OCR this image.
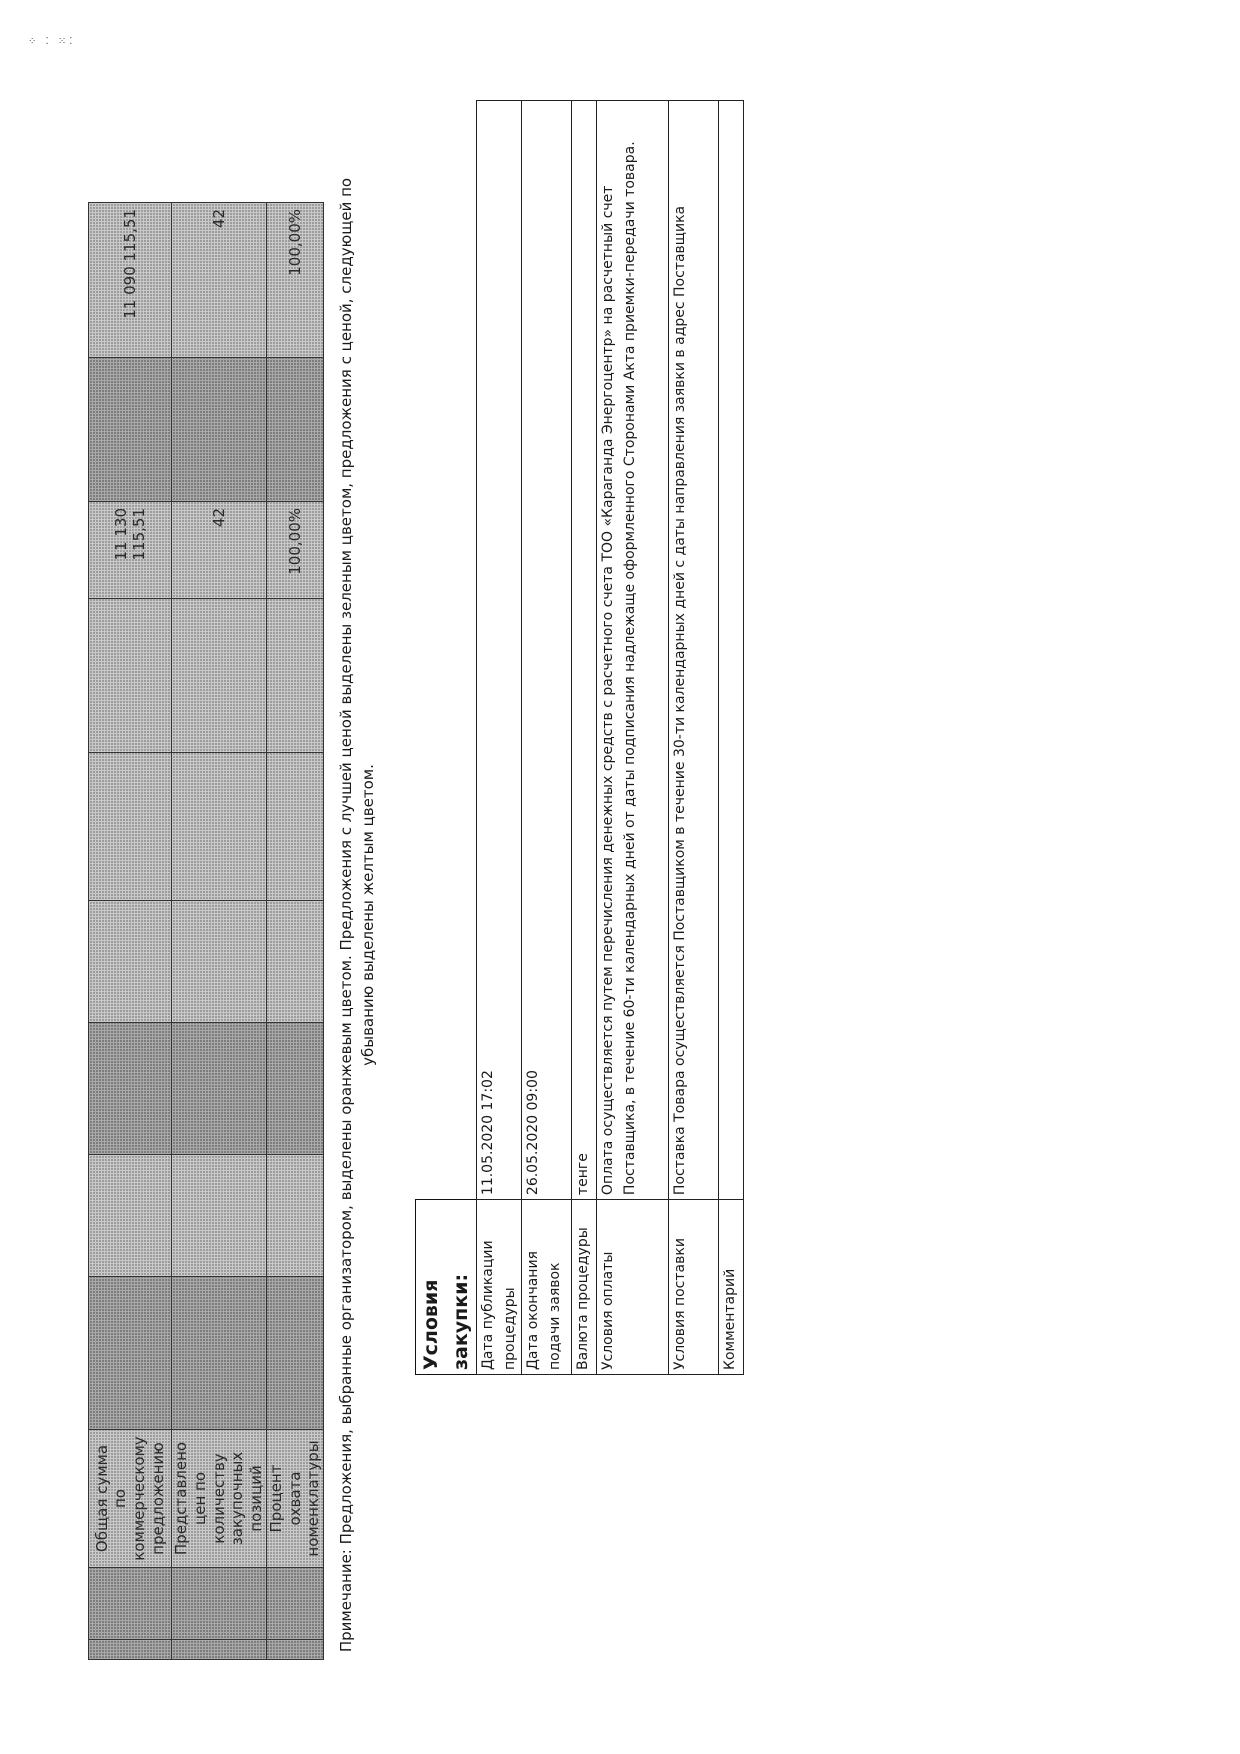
⁘ ⁚ ⁙⁚
		Общая сумма по коммерческому предложению							11 130 115,51		11 090 115,51
		Представлено цен по количеству закупочных позиций							42		42
		Процент охвата номенклатуры							100,00%		100,00% Примечание: Предложения, выбранные организатором, выделены оранжевым цветом. Предложения с лучшей ценой выделены зеленым цветом, предложения с ценой, следующей по убыванию выделены желтым цветом.
Условия закупки:	
Дата публикации процедуры	11.05.2020 17:02
Дата окончания подачи заявок	26.05.2020 09:00
Валюта процедуры	тенге
Условия оплаты	Оплата осуществляется путем перечисления денежных средств с расчетного счета ТОО «Караганда Энергоцентр» на расчетный счет Поставщика, в течение 60-ти календарных дней от даты подписания надлежаще оформленного Сторонами Акта приемки-передачи товара.
Условия поставки	Поставка Товара осуществляется Поставщиком в течение 30-ти календарных дней с даты направления заявки в адрес Поставщика
Комментарий	
